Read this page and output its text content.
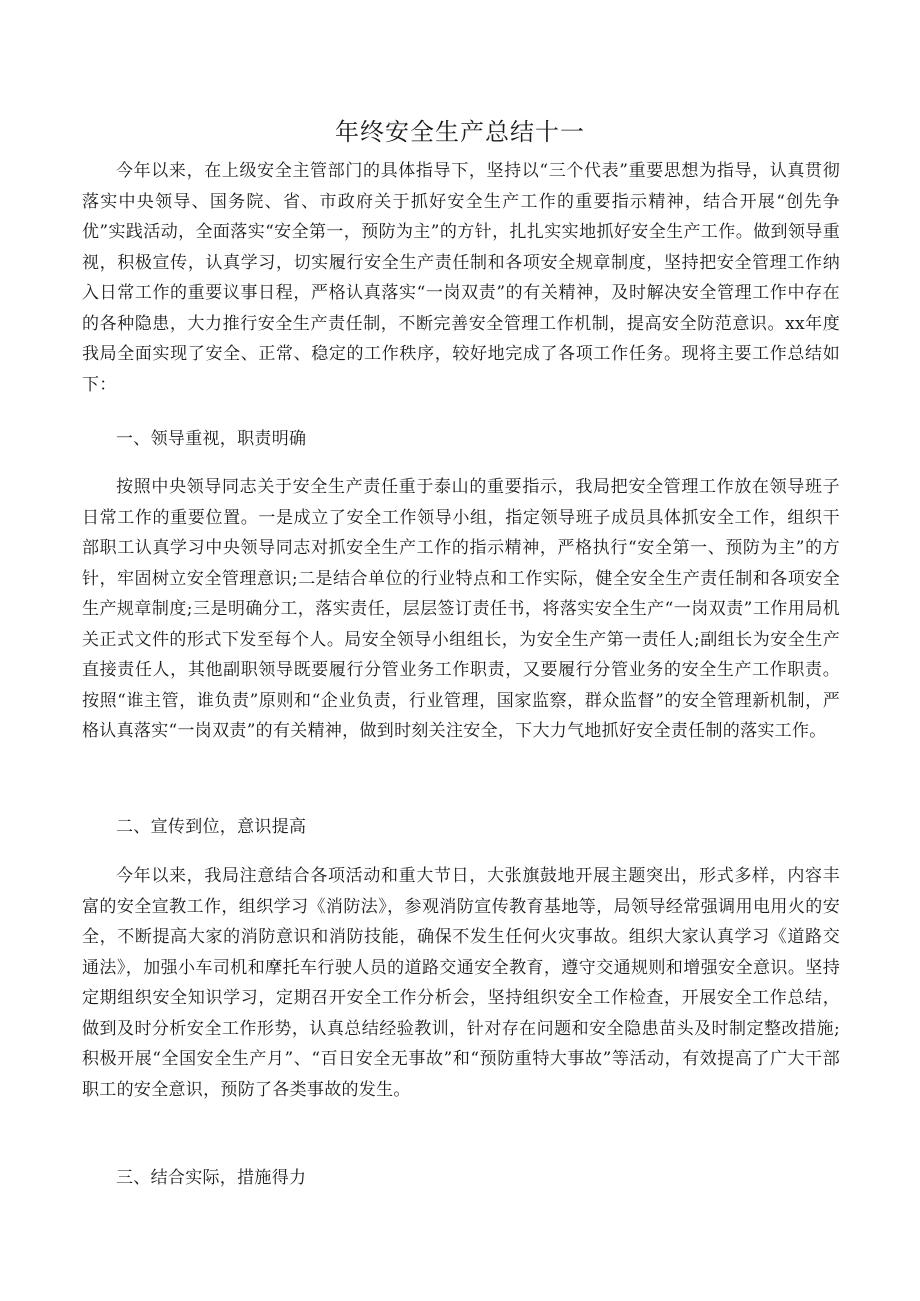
年终安全生产总结十一

今年以来，在上级安全主管部门的具体指导下，坚持以“三个代表”重要思想为指导，认真贯彻落实中央领导、国务院、省、市政府关于抓好安全生产工作的重要指示精神，结合开展“创先争优”实践活动，全面落实“安全第一，预防为主”的方针，扎扎实实地抓好安全生产工作。做到领导重视，积极宣传，认真学习，切实履行安全生产责任制和各项安全规章制度，坚持把安全管理工作纳入日常工作的重要议事日程，严格认真落实“一岗双责”的有关精神，及时解决安全管理工作中存在的各种隐患，大力推行安全生产责任制，不断完善安全管理工作机制，提高安全防范意识。xx年度我局全面实现了安全、正常、稳定的工作秩序，较好地完成了各项工作任务。现将主要工作总结如下：

一、领导重视，职责明确

按照中央领导同志关于安全生产责任重于泰山的重要指示，我局把安全管理工作放在领导班子日常工作的重要位置。一是成立了安全工作领导小组，指定领导班子成员具体抓安全工作，组织干部职工认真学习中央领导同志对抓安全生产工作的指示精神，严格执行“安全第一、预防为主”的方针，牢固树立安全管理意识;二是结合单位的行业特点和工作实际，健全安全生产责任制和各项安全生产规章制度;三是明确分工，落实责任，层层签订责任书，将落实安全生产“一岗双责”工作用局机关正式文件的形式下发至每个人。局安全领导小组组长，为安全生产第一责任人;副组长为安全生产直接责任人，其他副职领导既要履行分管业务工作职责，又要履行分管业务的安全生产工作职责。按照“谁主管，谁负责”原则和“企业负责，行业管理，国家监察，群众监督”的安全管理新机制，严格认真落实“一岗双责”的有关精神，做到时刻关注安全，下大力气地抓好安全责任制的落实工作。

二、宣传到位，意识提高

今年以来，我局注意结合各项活动和重大节日，大张旗鼓地开展主题突出，形式多样，内容丰富的安全宣教工作，组织学习《消防法》，参观消防宣传教育基地等，局领导经常强调用电用火的安全，不断提高大家的消防意识和消防技能，确保不发生任何火灾事故。组织大家认真学习《道路交通法》，加强小车司机和摩托车行驶人员的道路交通安全教育，遵守交通规则和增强安全意识。坚持定期组织安全知识学习，定期召开安全工作分析会，坚持组织安全工作检查，开展安全工作总结，做到及时分析安全工作形势，认真总结经验教训，针对存在问题和安全隐患苗头及时制定整改措施;积极开展“全国安全生产月”、“百日安全无事故”和“预防重特大事故”等活动，有效提高了广大干部职工的安全意识，预防了各类事故的发生。

三、结合实际，措施得力
